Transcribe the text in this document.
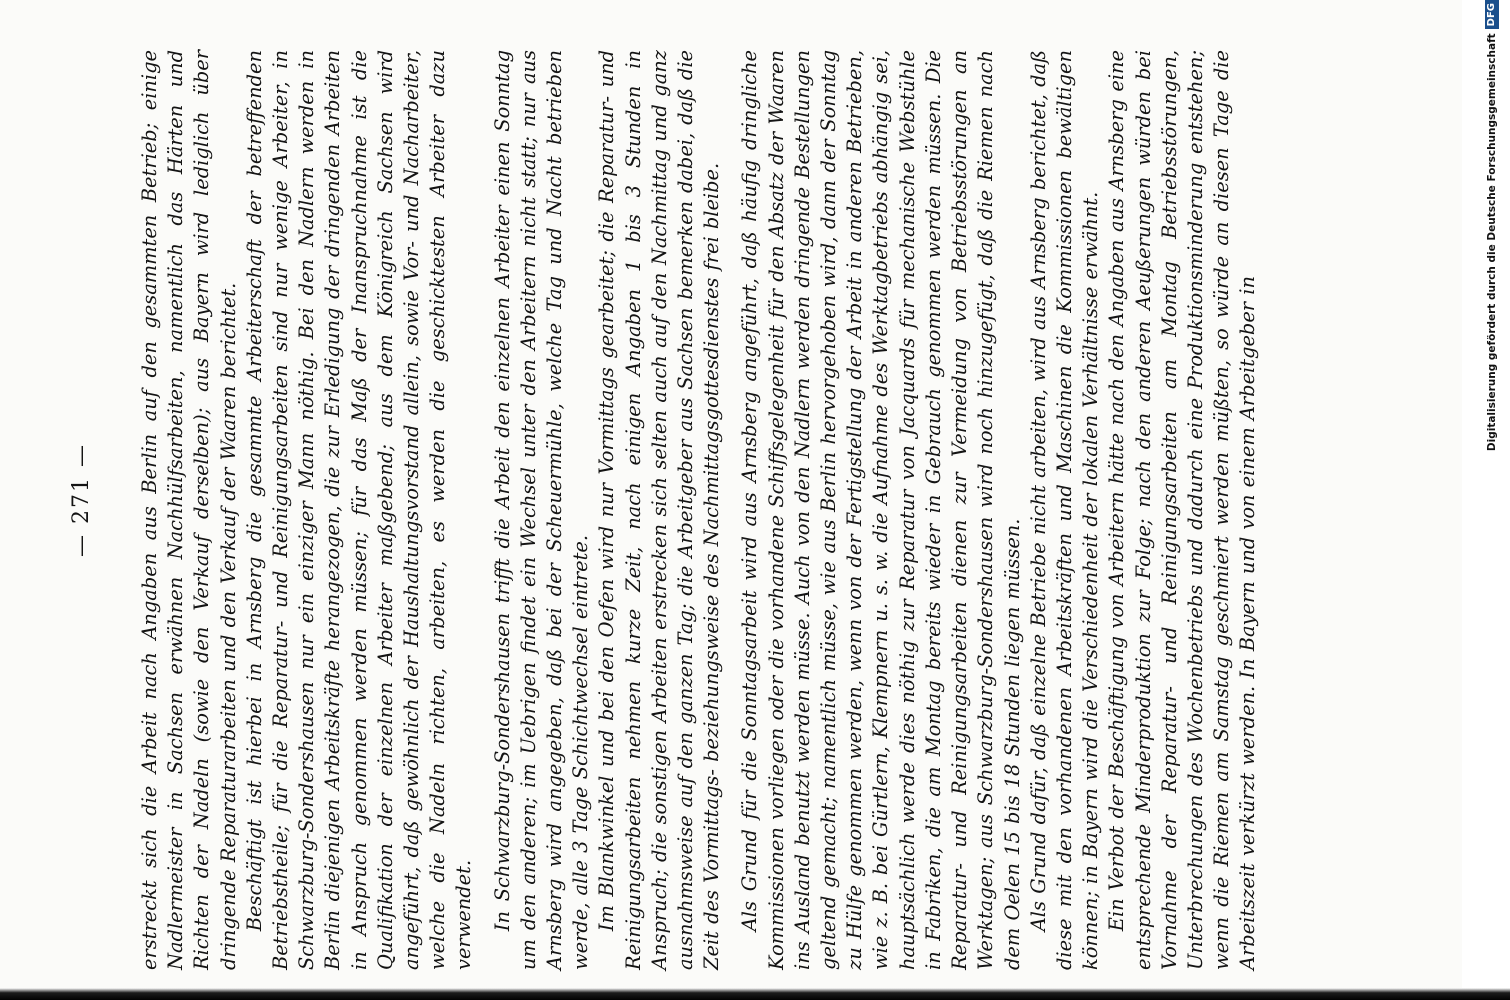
— 271 — erstreckt sich die Arbeit nach Angaben aus Berlin auf den gesammten Betrieb; einige Nadlermeister in Sachsen erwähnen Nachhülfsarbeiten, namentlich das Härten und Richten der Nadeln (sowie den Verkauf derselben); aus Bayern wird lediglich über dringende Reparaturarbeiten und den Verkauf der Waaren berichtet. Beschäftigt ist hierbei in Arnsberg die gesammte Arbeiterschaft der betreffenden Betriebstheile; für die Reparatur- und Reinigungsarbeiten sind nur wenige Arbeiter, in Schwarzburg-Sondershausen nur ein einziger Mann nöthig. Bei den Nadlern werden in Berlin diejenigen Arbeitskräfte herangezogen, die zur Erledigung der dringenden Arbeiten in Anspruch genommen werden müssen; für das Maß der Inanspruchnahme ist die Qualifikation der einzelnen Arbeiter maßgebend; aus dem Königreich Sachsen wird angeführt, daß gewöhnlich der Haushaltungsvorstand allein, sowie Vor- und Nacharbeiter, welche die Nadeln richten, arbeiten, es werden die geschicktesten Arbeiter dazu verwendet. In Schwarzburg-Sondershausen trifft die Arbeit den einzelnen Arbeiter einen Sonntag um den anderen; im Uebrigen findet ein Wechsel unter den Arbeitern nicht statt; nur aus Arnsberg wird angegeben, daß bei der Scheuermühle, welche Tag und Nacht betrieben werde, alle 3 Tage Schichtwechsel eintrete. Im Blankwinkel und bei den Oefen wird nur Vormittags gearbeitet; die Reparatur- und Reinigungsarbeiten nehmen kurze Zeit, nach einigen Angaben 1 bis 3 Stunden in Anspruch; die sonstigen Arbeiten erstrecken sich selten auch auf den Nachmittag und ganz ausnahmsweise auf den ganzen Tag; die Arbeitgeber aus Sachsen bemerken dabei, daß die Zeit des Vormittags- beziehungsweise des Nachmittagsgottesdienstes frei bleibe. Als Grund für die Sonntagsarbeit wird aus Arnsberg angeführt, daß häufig dringliche Kommissionen vorliegen oder die vorhandene Schiffsgelegenheit für den Absatz der Waaren ins Ausland benutzt werden müsse. Auch von den Nadlern werden dringende Bestellungen geltend gemacht; namentlich müsse, wie aus Berlin hervorgehoben wird, dann der Sonntag zu Hülfe genommen werden, wenn von der Fertigstellung der Arbeit in anderen Betrieben, wie z. B. bei Gürtlern, Klempnern u. s. w. die Aufnahme des Werktagbetriebs abhängig sei, hauptsächlich werde dies nöthig zur Reparatur von Jacquards für mechanische Webstühle in Fabriken, die am Montag bereits wieder in Gebrauch genommen werden müssen. Die Reparatur- und Reinigungsarbeiten dienen zur Vermeidung von Betriebsstörungen an Werktagen; aus Schwarzburg-Sondershausen wird noch hinzugefügt, daß die Riemen nach dem Oelen 15 bis 18 Stunden liegen müssen. Als Grund dafür, daß einzelne Betriebe nicht arbeiten, wird aus Arnsberg berichtet, daß diese mit den vorhandenen Arbeitskräften und Maschinen die Kommissionen bewältigen können; in Bayern wird die Verschiedenheit der lokalen Verhältnisse erwähnt. Ein Verbot der Beschäftigung von Arbeitern hätte nach den Angaben aus Arnsberg eine entsprechende Minderproduktion zur Folge; nach den anderen Aeußerungen würden bei Vornahme der Reparatur- und Reinigungsarbeiten am Montag Betriebsstörungen, Unterbrechungen des Wochenbetriebs und dadurch eine Produktionsminderung entstehen; wenn die Riemen am Samstag geschmiert werden müßten, so würde an diesen Tage die Arbeitszeit verkürzt werden. In Bayern und von einem Arbeitgeber in

Digitalisierung gefördert durch die Deutsche Forschungsgemeinschaft
DFG
